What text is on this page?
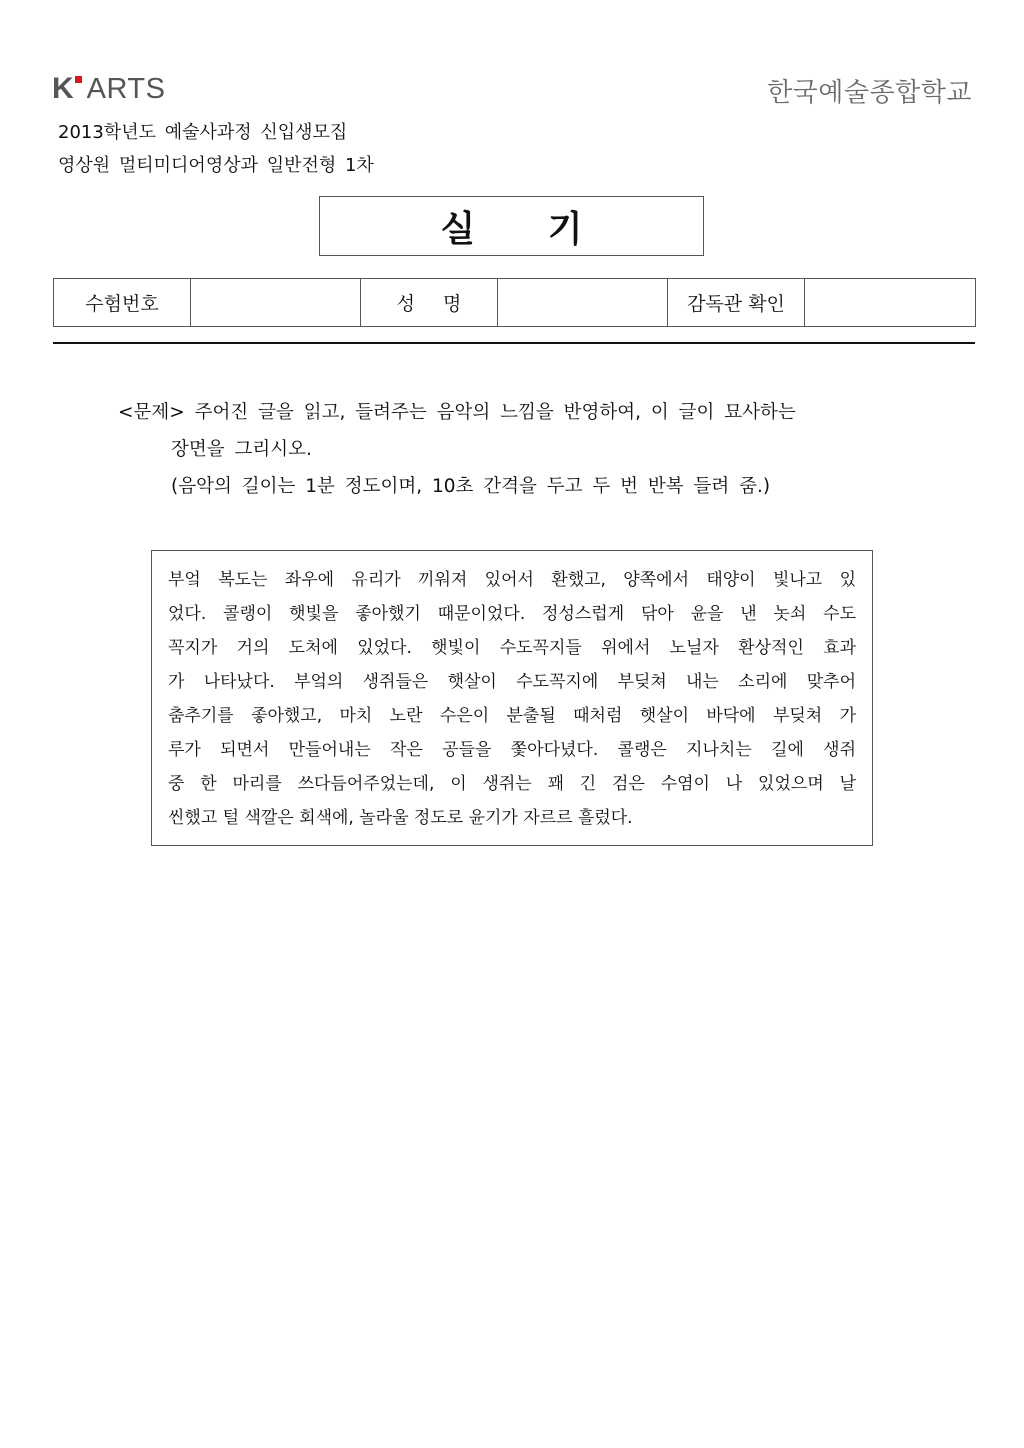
K ARTS	한국예술종합학교
2013학년도 예술사과정 신입생모집
영상원 멀티미디어영상과 일반전형 1차
실 기
수험번호		성 명		감독관 확인	
<문제> 주어진 글을 읽고, 들려주는 음악의 느낌을 반영하여, 이 글이 묘사하는
장면을 그리시오.
(음악의 길이는 1분 정도이며, 10초 간격을 두고 두 번 반복 들려 줌.)

부엌 복도는 좌우에 유리가 끼워져 있어서 환했고, 양쪽에서 태양이 빛나고 있

었다. 콜랭이 햇빛을 좋아했기 때문이었다. 정성스럽게 닦아 윤을 낸 놋쇠 수도

꼭지가 거의 도처에 있었다. 햇빛이 수도꼭지들 위에서 노닐자 환상적인 효과

가 나타났다. 부엌의 생쥐들은 햇살이 수도꼭지에 부딪쳐 내는 소리에 맞추어

춤추기를 좋아했고, 마치 노란 수은이 분출될 때처럼 햇살이 바닥에 부딪쳐 가

루가 되면서 만들어내는 작은 공들을 쫓아다녔다. 콜랭은 지나치는 길에 생쥐

중 한 마리를 쓰다듬어주었는데, 이 생쥐는 꽤 긴 검은 수염이 나 있었으며 날

씬했고 털 색깔은 회색에, 놀라울 정도로 윤기가 자르르 흘렀다.
